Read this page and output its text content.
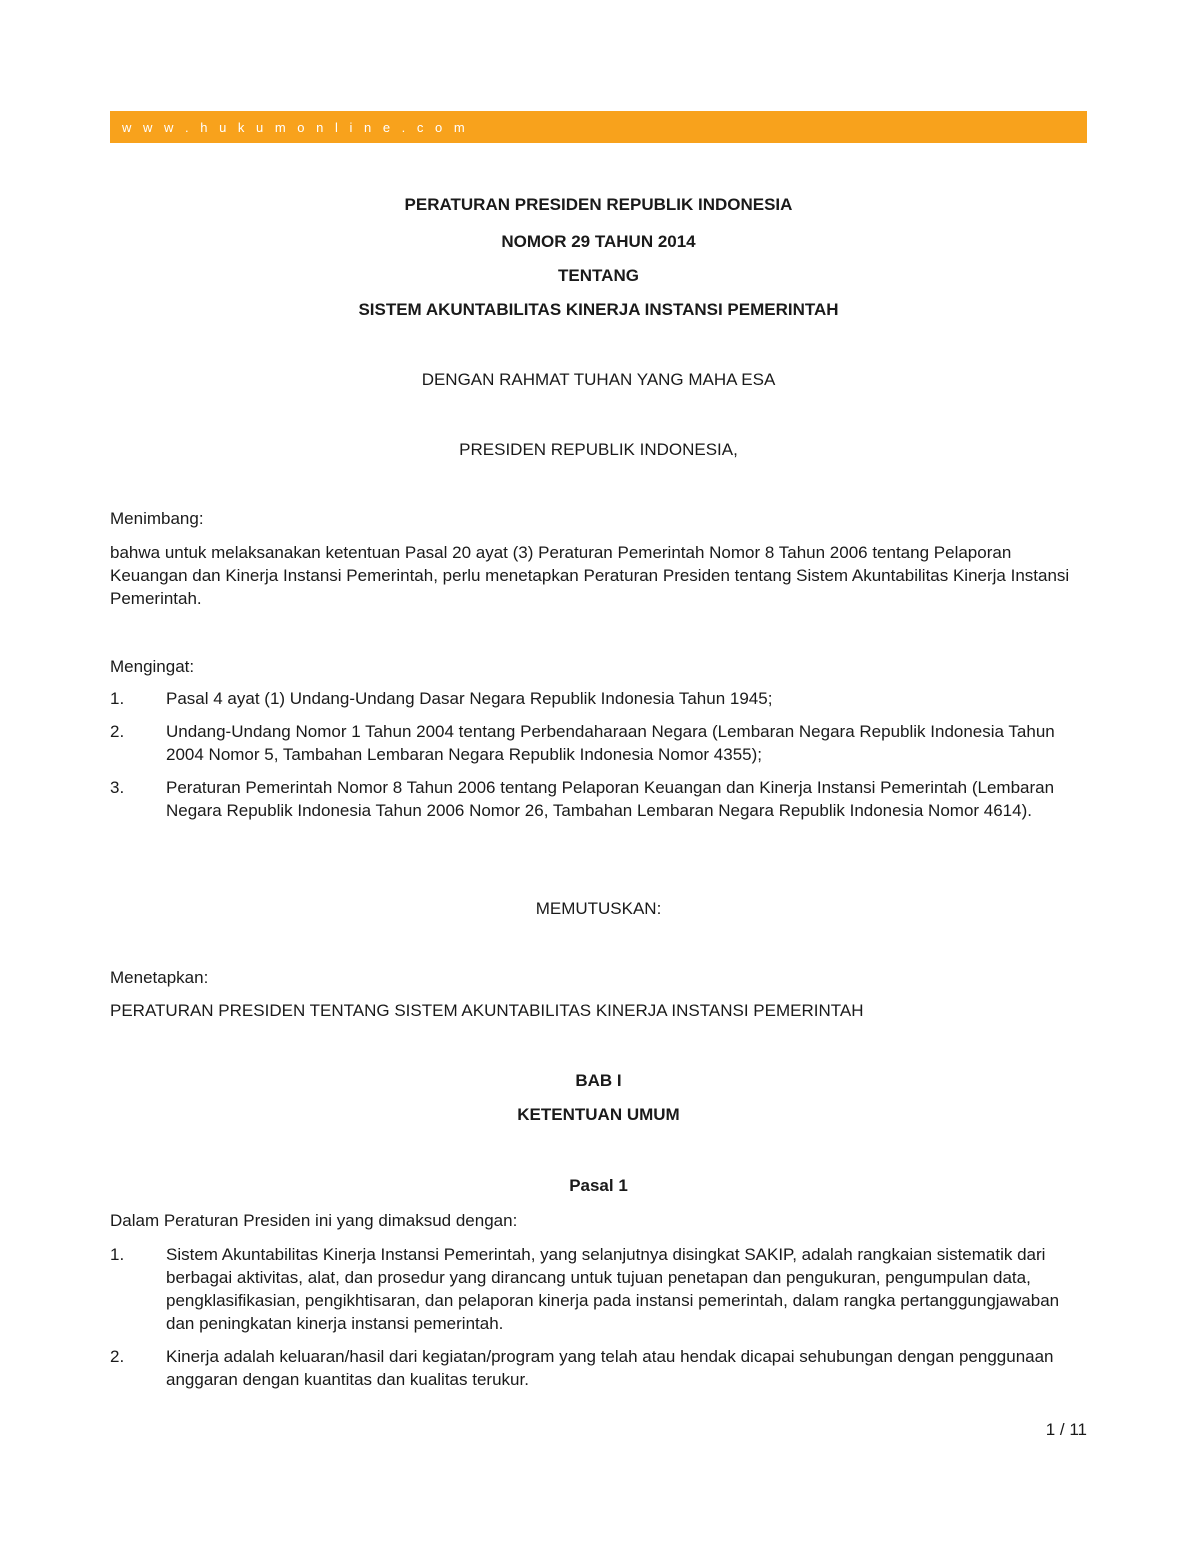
w w w . h u k u m o n l i n e . c o m
PERATURAN PRESIDEN REPUBLIK INDONESIA
NOMOR 29 TAHUN 2014
TENTANG
SISTEM AKUNTABILITAS KINERJA INSTANSI PEMERINTAH
DENGAN RAHMAT TUHAN YANG MAHA ESA
PRESIDEN REPUBLIK INDONESIA,
Menimbang:
bahwa untuk melaksanakan ketentuan Pasal 20 ayat (3) Peraturan Pemerintah Nomor 8 Tahun 2006 tentang Pelaporan Keuangan dan Kinerja Instansi Pemerintah, perlu menetapkan Peraturan Presiden tentang Sistem Akuntabilitas Kinerja Instansi Pemerintah.
Mengingat:
1.	Pasal 4 ayat (1) Undang-Undang Dasar Negara Republik Indonesia Tahun 1945;
2.	Undang-Undang Nomor 1 Tahun 2004 tentang Perbendaharaan Negara (Lembaran Negara Republik Indonesia Tahun 2004 Nomor 5, Tambahan Lembaran Negara Republik Indonesia Nomor 4355);
3.	Peraturan Pemerintah Nomor 8 Tahun 2006 tentang Pelaporan Keuangan dan Kinerja Instansi Pemerintah (Lembaran Negara Republik Indonesia Tahun 2006 Nomor 26, Tambahan Lembaran Negara Republik Indonesia Nomor 4614).
MEMUTUSKAN:
Menetapkan:
PERATURAN PRESIDEN TENTANG SISTEM AKUNTABILITAS KINERJA INSTANSI PEMERINTAH
BAB I
KETENTUAN UMUM
Pasal 1
Dalam Peraturan Presiden ini yang dimaksud dengan:
1.	Sistem Akuntabilitas Kinerja Instansi Pemerintah, yang selanjutnya disingkat SAKIP, adalah rangkaian sistematik dari berbagai aktivitas, alat, dan prosedur yang dirancang untuk tujuan penetapan dan pengukuran, pengumpulan data, pengklasifikasian, pengikhtisaran, dan pelaporan kinerja pada instansi pemerintah, dalam rangka pertanggungjawaban dan peningkatan kinerja instansi pemerintah.
2.	Kinerja adalah keluaran/hasil dari kegiatan/program yang telah atau hendak dicapai sehubungan dengan penggunaan anggaran dengan kuantitas dan kualitas terukur.
1 / 11
